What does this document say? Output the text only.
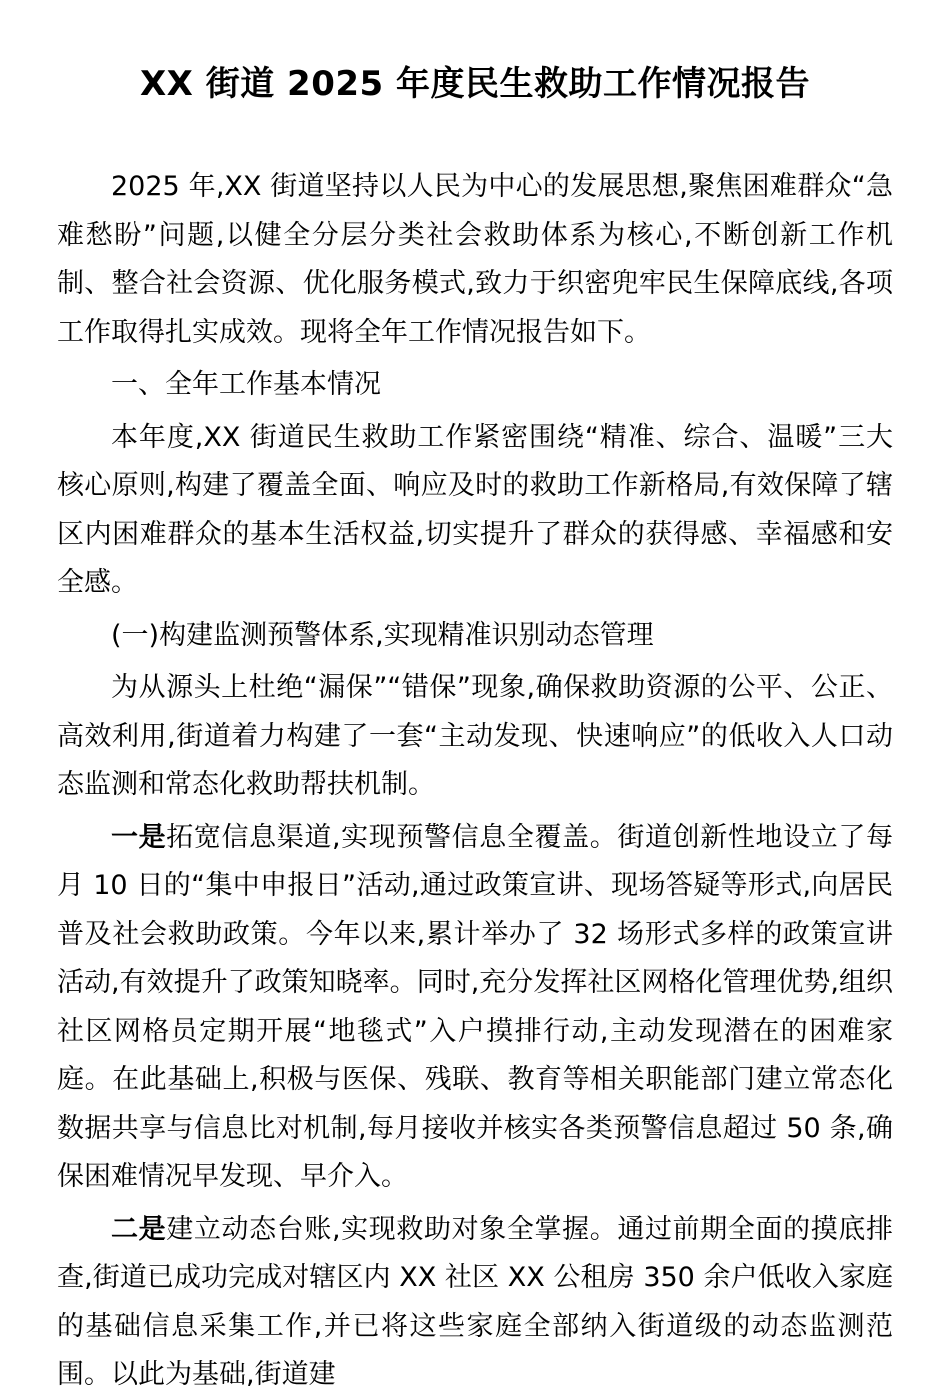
XX 街道 2025 年度民生救助工作情况报告

2025 年,XX 街道坚持以人民为中心的发展思想,聚焦困难群众“急难愁盼”问题,以健全分层分类社会救助体系为核心,不断创新工作机制、整合社会资源、优化服务模式,致力于织密兜牢民生保障底线,各项工作取得扎实成效。现将全年工作情况报告如下。

一、全年工作基本情况

本年度,XX 街道民生救助工作紧密围绕“精准、综合、温暖”三大核心原则,构建了覆盖全面、响应及时的救助工作新格局,有效保障了辖区内困难群众的基本生活权益,切实提升了群众的获得感、幸福感和安全感。

(一)构建监测预警体系,实现精准识别动态管理

为从源头上杜绝“漏保”“错保”现象,确保救助资源的公平、公正、高效利用,街道着力构建了一套“主动发现、快速响应”的低收入人口动态监测和常态化救助帮扶机制。

一是拓宽信息渠道,实现预警信息全覆盖。街道创新性地设立了每月 10 日的“集中申报日”活动,通过政策宣讲、现场答疑等形式,向居民普及社会救助政策。今年以来,累计举办了 32 场形式多样的政策宣讲活动,有效提升了政策知晓率。同时,充分发挥社区网格化管理优势,组织社区网格员定期开展“地毯式”入户摸排行动,主动发现潜在的困难家庭。在此基础上,积极与医保、残联、教育等相关职能部门建立常态化数据共享与信息比对机制,每月接收并核实各类预警信息超过 50 条,确保困难情况早发现、早介入。

二是建立动态台账,实现救助对象全掌握。通过前期全面的摸底排查,街道已成功完成对辖区内 XX 社区 XX 公租房 350 余户低收入家庭的基础信息采集工作,并已将这些家庭全部纳入街道级的动态监测范围。以此为基础,街道建
